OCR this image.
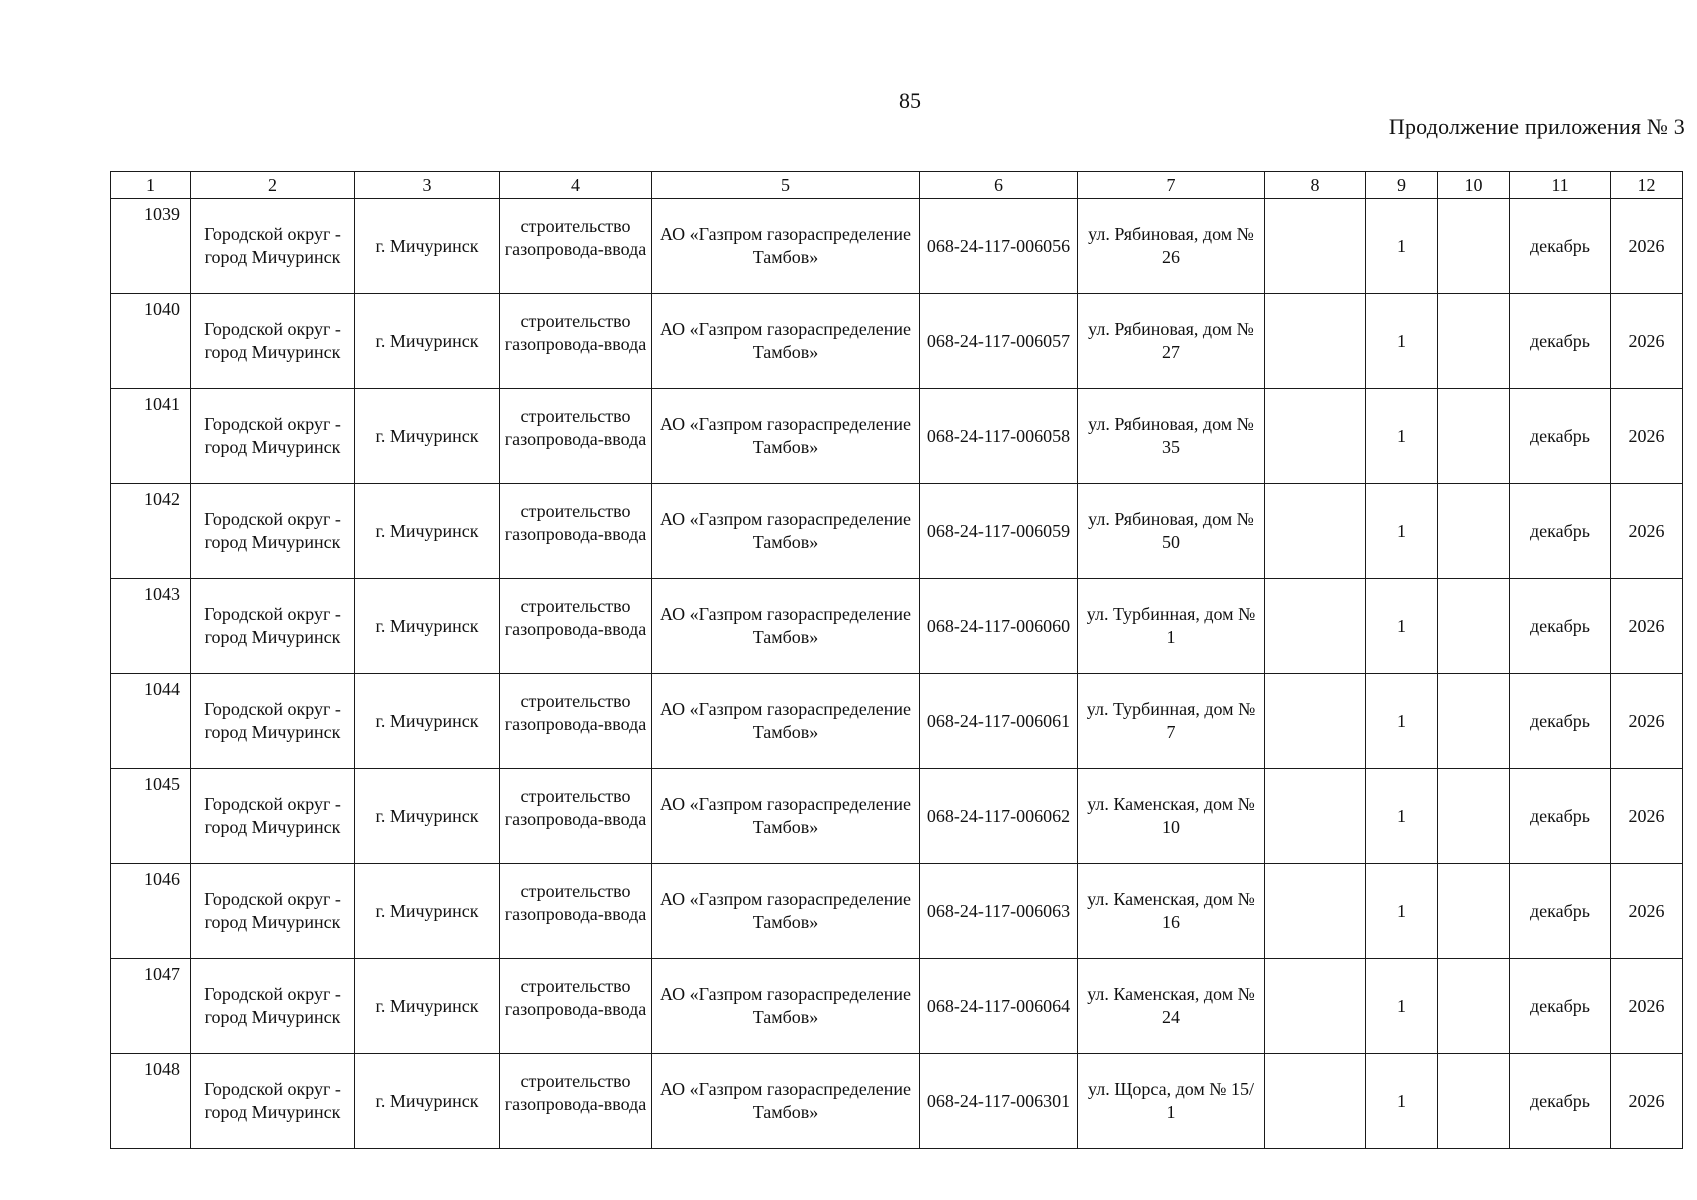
85
Продолжение приложения № 3
1	2	3	4	5	6	7	8	9	10	11	12
1039	Городской округ - город Мичуринск	г. Мичуринск	строительство газопровода-ввода	АО «Газпром газораспределение Тамбов»	068-24-117-006056	ул. Рябиновая, дом № 26		1		декабрь	2026
1040	Городской округ - город Мичуринск	г. Мичуринск	строительство газопровода-ввода	АО «Газпром газораспределение Тамбов»	068-24-117-006057	ул. Рябиновая, дом № 27		1		декабрь	2026
1041	Городской округ - город Мичуринск	г. Мичуринск	строительство газопровода-ввода	АО «Газпром газораспределение Тамбов»	068-24-117-006058	ул. Рябиновая, дом № 35		1		декабрь	2026
1042	Городской округ - город Мичуринск	г. Мичуринск	строительство газопровода-ввода	АО «Газпром газораспределение Тамбов»	068-24-117-006059	ул. Рябиновая, дом № 50		1		декабрь	2026
1043	Городской округ - город Мичуринск	г. Мичуринск	строительство газопровода-ввода	АО «Газпром газораспределение Тамбов»	068-24-117-006060	ул. Турбинная, дом № 1		1		декабрь	2026
1044	Городской округ - город Мичуринск	г. Мичуринск	строительство газопровода-ввода	АО «Газпром газораспределение Тамбов»	068-24-117-006061	ул. Турбинная, дом № 7		1		декабрь	2026
1045	Городской округ - город Мичуринск	г. Мичуринск	строительство газопровода-ввода	АО «Газпром газораспределение Тамбов»	068-24-117-006062	ул. Каменская, дом № 10		1		декабрь	2026
1046	Городской округ - город Мичуринск	г. Мичуринск	строительство газопровода-ввода	АО «Газпром газораспределение Тамбов»	068-24-117-006063	ул. Каменская, дом № 16		1		декабрь	2026
1047	Городской округ - город Мичуринск	г. Мичуринск	строительство газопровода-ввода	АО «Газпром газораспределение Тамбов»	068-24-117-006064	ул. Каменская, дом № 24		1		декабрь	2026
1048	Городской округ - город Мичуринск	г. Мичуринск	строительство газопровода-ввода	АО «Газпром газораспределение Тамбов»	068-24-117-006301	ул. Щорса, дом № 15/ 1		1		декабрь	2026
